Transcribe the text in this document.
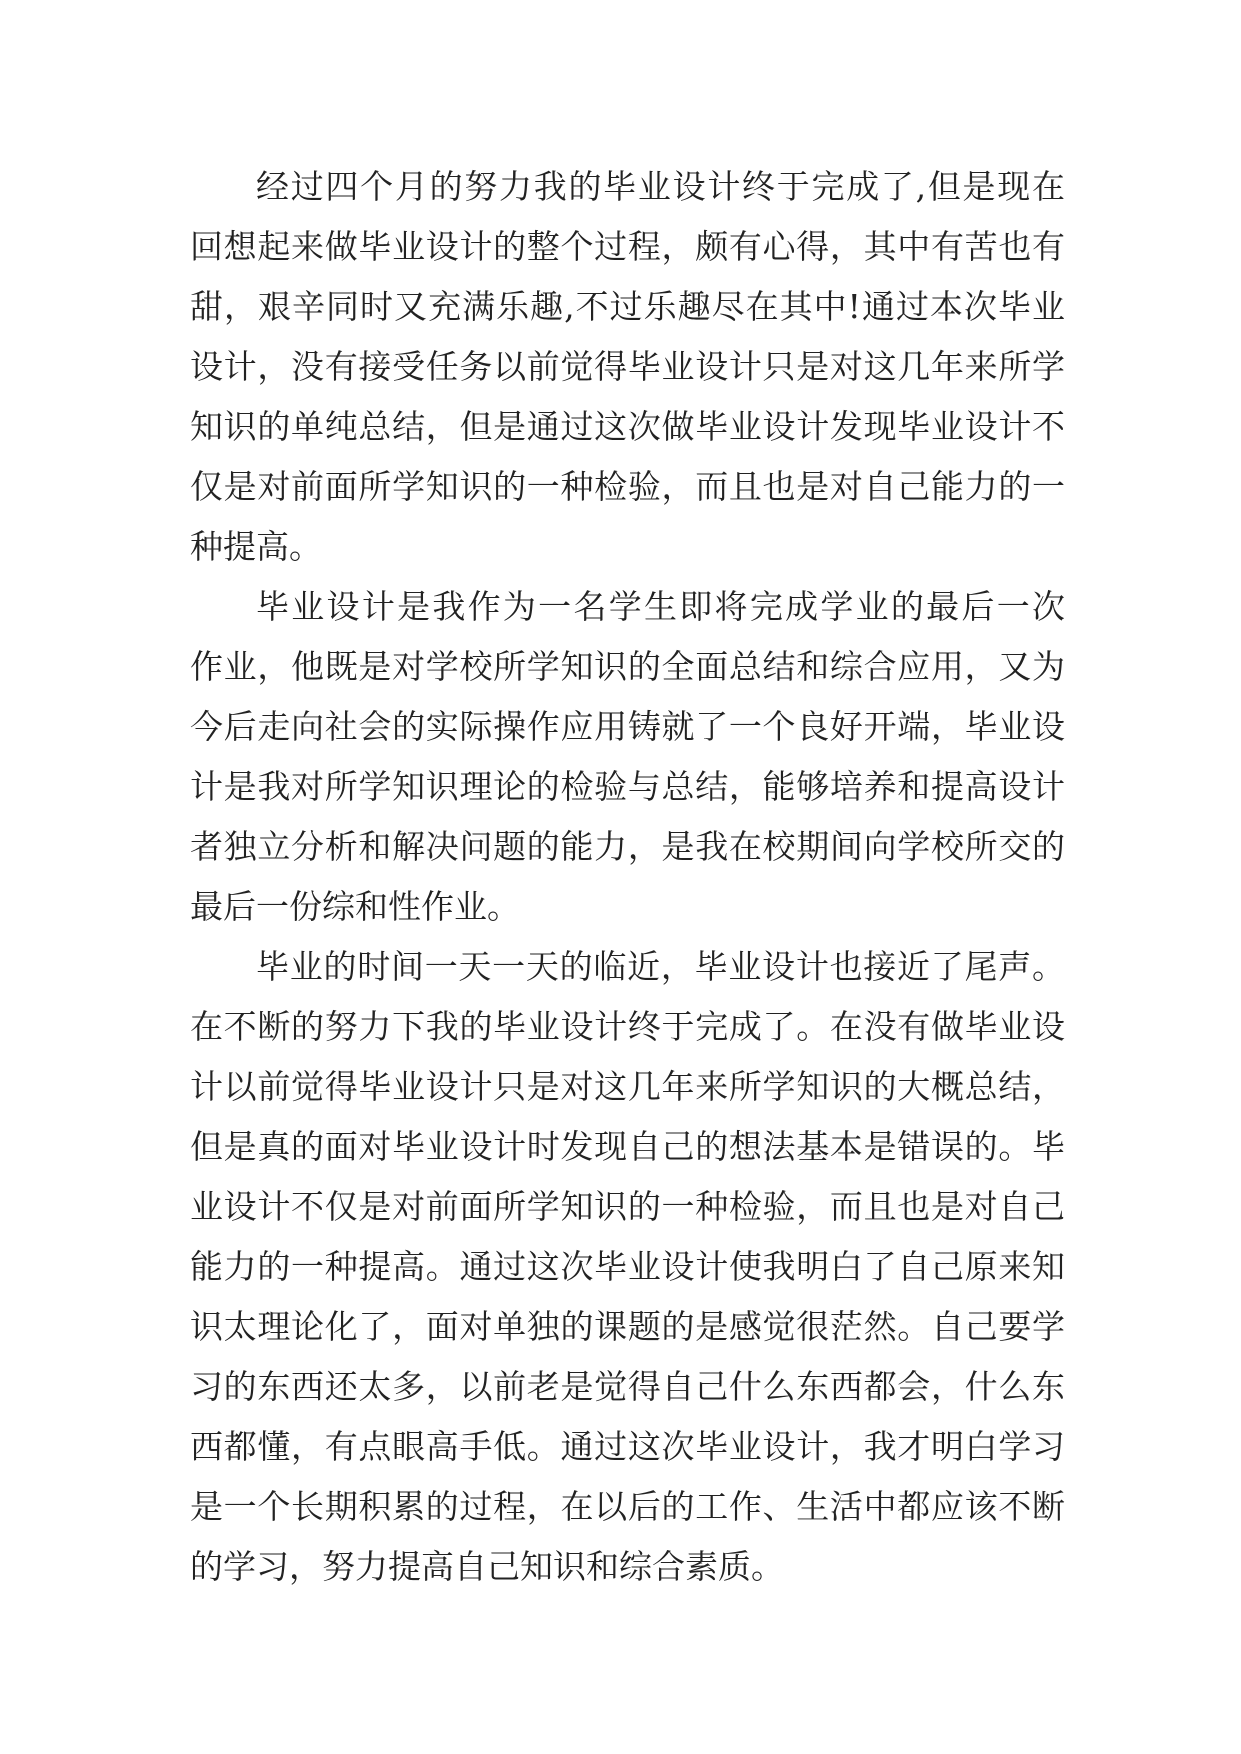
经过四个月的努力我的毕业设计终于完成了,但是现在
回想起来做毕业设计的整个过程，颇有心得，其中有苦也有
甜，艰辛同时又充满乐趣,不过乐趣尽在其中!通过本次毕业
设计，没有接受任务以前觉得毕业设计只是对这几年来所学
知识的单纯总结，但是通过这次做毕业设计发现毕业设计不
仅是对前面所学知识的一种检验，而且也是对自己能力的一
种提高。
毕业设计是我作为一名学生即将完成学业的最后一次
作业，他既是对学校所学知识的全面总结和综合应用，又为
今后走向社会的实际操作应用铸就了一个良好开端，毕业设
计是我对所学知识理论的检验与总结，能够培养和提高设计
者独立分析和解决问题的能力，是我在校期间向学校所交的
最后一份综和性作业。
毕业的时间一天一天的临近，毕业设计也接近了尾声。
在不断的努力下我的毕业设计终于完成了。在没有做毕业设
计以前觉得毕业设计只是对这几年来所学知识的大概总结，
但是真的面对毕业设计时发现自己的想法基本是错误的。毕
业设计不仅是对前面所学知识的一种检验，而且也是对自己
能力的一种提高。通过这次毕业设计使我明白了自己原来知
识太理论化了，面对单独的课题的是感觉很茫然。自己要学
习的东西还太多，以前老是觉得自己什么东西都会，什么东
西都懂，有点眼高手低。通过这次毕业设计，我才明白学习
是一个长期积累的过程，在以后的工作、生活中都应该不断
的学习，努力提高自己知识和综合素质。
